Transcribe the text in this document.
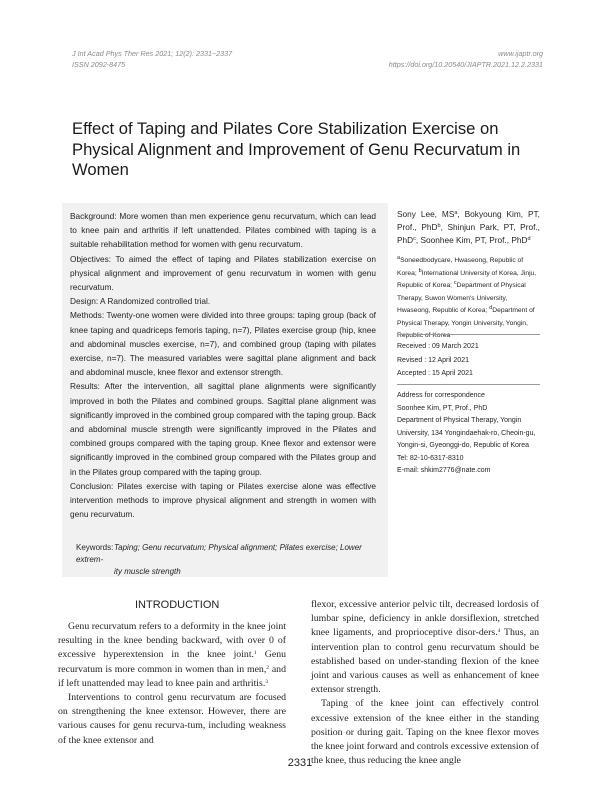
J Int Acad Phys Ther Res 2021; 12(2): 2331~2337
ISSN 2092-8475
www.ijaptr.org
https://doi.org/10.20540/JIAPTR.2021.12.2.2331
Effect of Taping and Pilates Core Stabilization Exercise on Physical Alignment and Improvement of Genu Recurvatum in Women

Background: More women than men experience genu recurvatum, which can lead to knee pain and arthritis if left unattended. Pilates combined with taping is a suitable rehabilitation method for women with genu recurvatum.

Objectives: To aimed the effect of taping and Pilates stabilization exercise on physical alignment and improvement of genu recurvatum in women with genu recurvatum.

Design: A Randomized controlled trial.

Methods: Twenty-one women were divided into three groups: taping group (back of knee taping and quadriceps femoris taping, n=7), Pilates exercise group (hip, knee and abdominal muscles exercise, n=7), and combined group (taping with pilates exercise, n=7). The measured variables were sagittal plane alignment and back and abdominal muscle, knee flexor and extensor strength.

Results: After the intervention, all sagittal plane alignments were significantly improved in both the Pilates and combined groups. Sagittal plane alignment was significantly improved in the combined group compared with the taping group. Back and abdominal muscle strength were significantly improved in the Pilates and combined groups compared with the taping group. Knee flexor and extensor were significantly improved in the combined group compared with the Pilates group and in the Pilates group compared with the taping group.

Conclusion: Pilates exercise with taping or Pilates exercise alone was effective intervention methods to improve physical alignment and strength in women with genu recurvatum.

Keywords:Taping; Genu recurvatum; Physical alignment; Pilates exercise; Lower extrem-
ity muscle strength

Sony Lee, $MS^a$, Bokyoung Kim, PT, Prof., PhD$^b$, Shinjun Park, PT, Prof., PhD$^c$, Soonhee Kim, PT, Prof., PhD$^d$

$^a$Soneedbodycare, Hwaseong, Republic of Korea; $^b$International University of Korea, Jinju, Republic of Korea; $^c$Department of Physical Therapy, Suwon Women's University, Hwaseong, Republic of Korea; $^d$Department of Physical Therapy, Yongin University, Yongin, Republic of Korea

Received : 09 March 2021
Revised : 12 April 2021
Accepted : 15 April 2021
Address for correspondence
Soonhee Kim, PT, Prof., PhD
Department of Physical Therapy, Yongin University, 134 Yongindaehak-ro, Cheoin-gu, Yongin-si, Gyeonggi-do, Republic of Korea
Tel: 82-10-6317-8310
E-mail: shkim2776@nate.com
INTRODUCTION

Genu recurvatum refers to a deformity in the knee joint resulting in the knee bending backward, with over 0 of excessive hyperextension in the knee joint.$^1$ Genu recurvatum is more common in women than in men,$^2$ and if left unattended may lead to knee pain and arthritis.$^3$

Interventions to control genu recurvatum are focused on strengthening the knee extensor. However, there are various causes for genu recurva-tum, including weakness of the knee extensor and

flexor, excessive anterior pelvic tilt, decreased lordosis of lumbar spine, deficiency in ankle dorsiflexion, stretched knee ligaments, and proprioceptive disor-ders.$^4$ Thus, an intervention plan to control genu recurvatum should be established based on under-standing flexion of the knee joint and various causes as well as enhancement of knee extensor strength.

Taping of the knee joint can effectively control excessive extension of the knee either in the standing position or during gait. Taping on the knee flexor moves the knee joint forward and controls excessive extension of the knee, thus reducing the knee angle

2331
